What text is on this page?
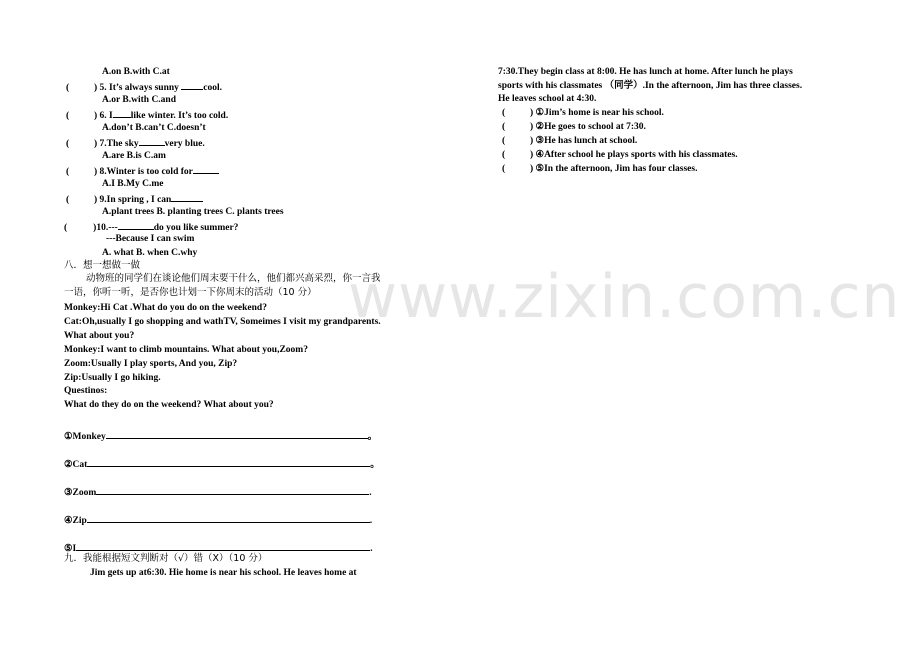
www.zixin.com.cn
A.on B.with C.at
(	) 5. It’s always sunny cool.
A.or B.with C.and
(	) 6. I like winter. It’s too cold.
A.don’t B.can’t C.doesn’t
(	) 7.The sky	very blue.
A.are B.is C.am
(	) 8.Winter is too cold for
A.I B.My C.me
(	) 9.In spring , I can
A.plant trees B. planting trees C. plants trees
(	)10.---	do you like summer?
---Because I can swim
A. what B. when C.why
八．想一想做一做
动物班的同学们在谈论他们周末要干什么，他们都兴高采烈，你一言我
一语，你听一听，是否你也计划一下你周末的活动（10 分）
Monkey:Hi Cat .What do you do on the weekend?
Cat:Oh,usually I go shopping and wathTV, Someimes I visit my grandparents.
What about you?
Monkey:I want to climb mountains. What about you,Zoom?
Zoom:Usually I play sports, And you, Zip?
Zip:Usually I go hiking.
Questinos:
What do they do on the weekend? What about you?
①Monkey	。
②Cat	。
③Zoom	.
④Zip	.
⑤I	.
九．我能根据短文判断对（√）错（X）（10 分）
Jim gets up at6:30. Hie home is near his school. He leaves home at
7:30.They begin class at 8:00. He has lunch at home. After lunch he plays
sports with his classmates （同学）.In the afternoon, Jim has three classes.
He leaves school at 4:30.
(	) ①Jim’s home is near his school.
(	) ②He goes to school at 7:30.
(	) ③He has lunch at school.
(	) ④After school he plays sports with his classmates.
(	) ⑤In the afternoon, Jim has four classes.
